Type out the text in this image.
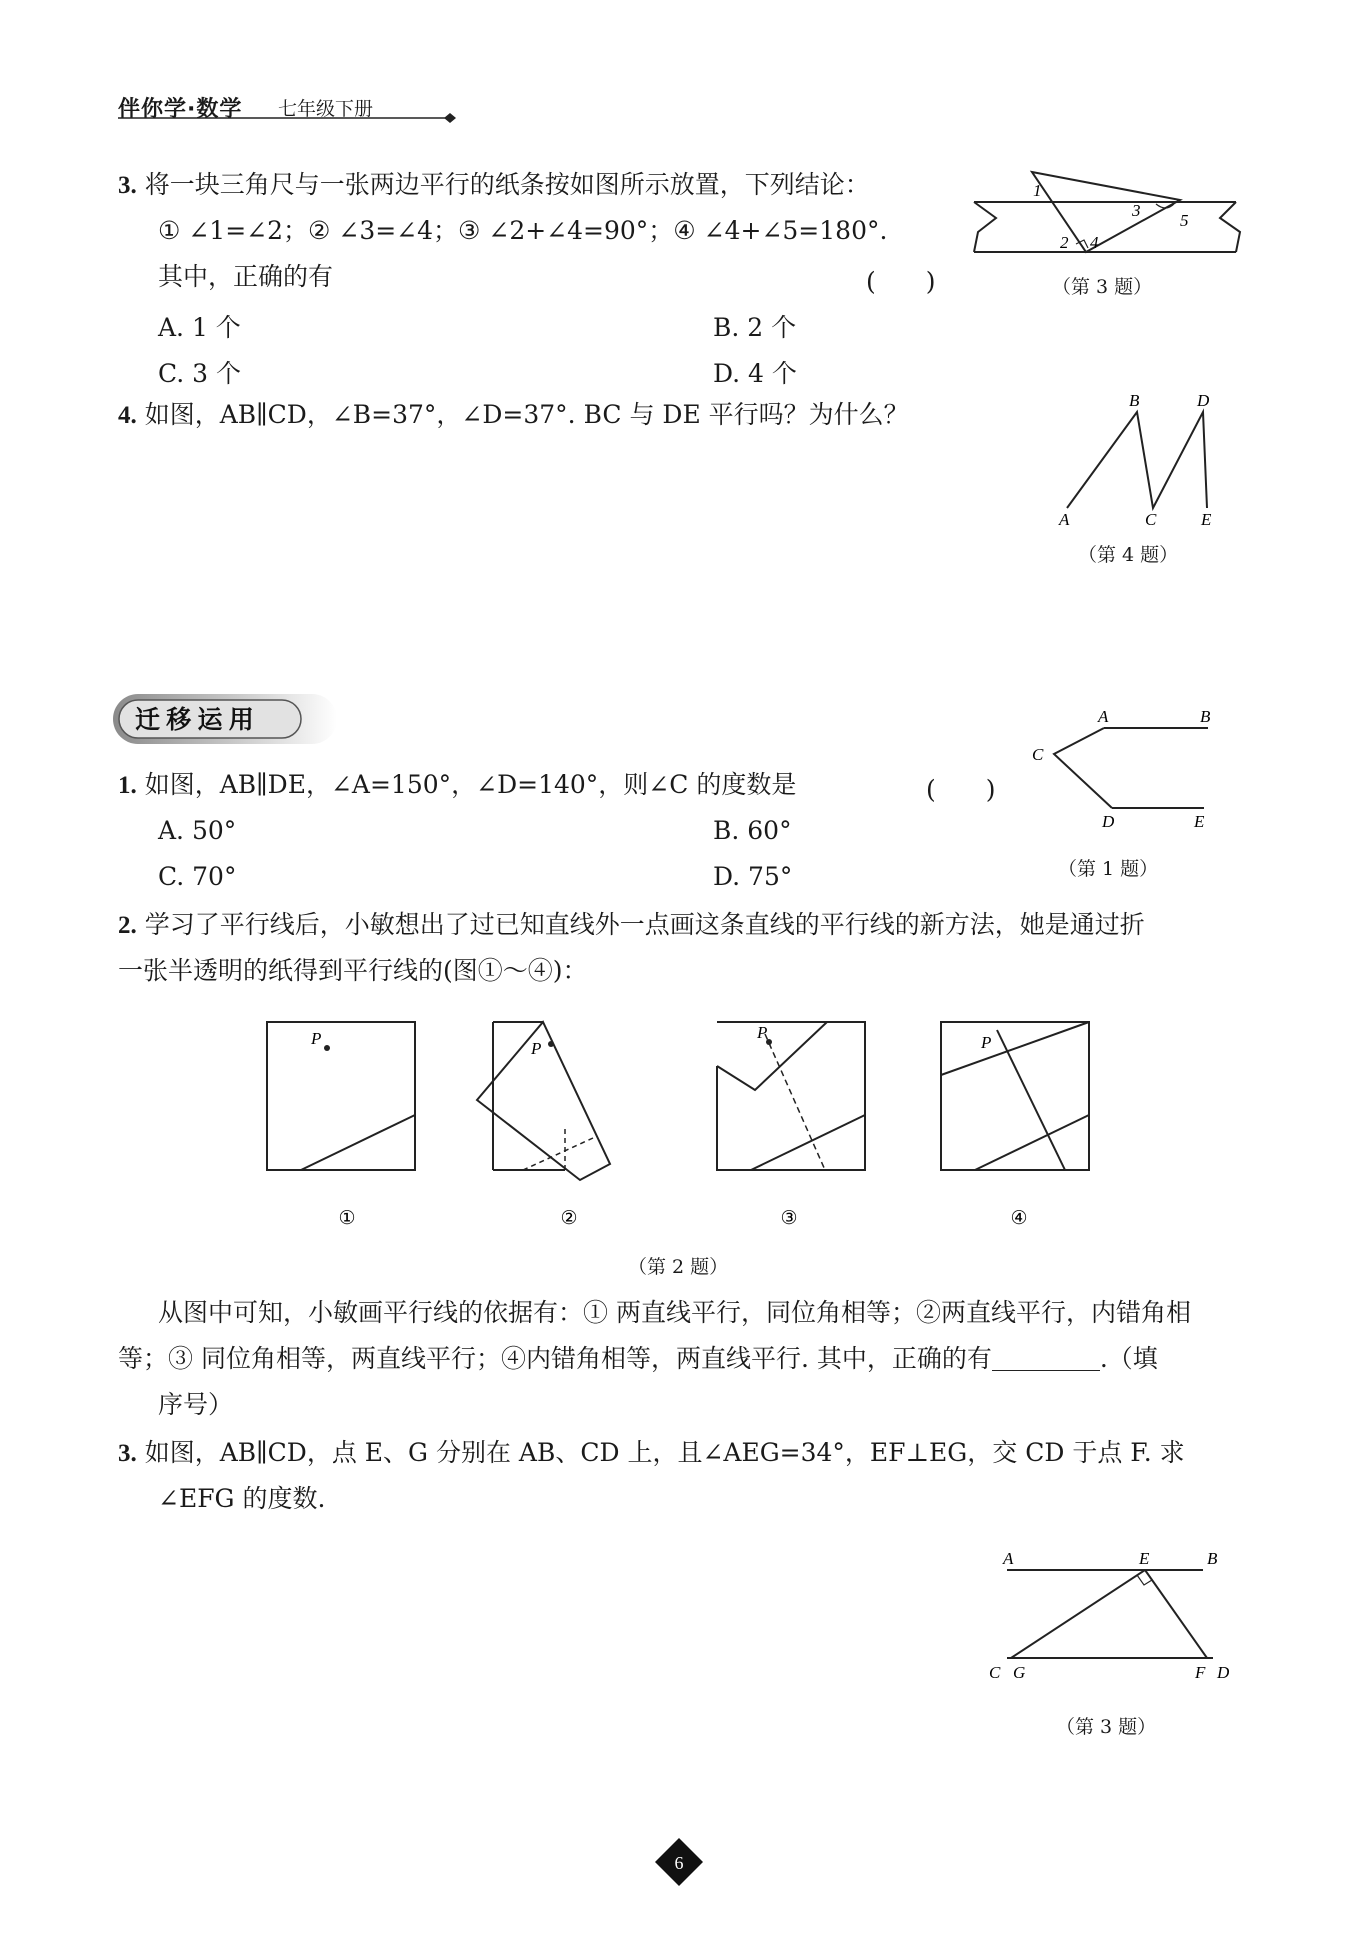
伴你学·数学 七年级下册
3. 将一块三角尺与一张两边平行的纸条按如图所示放置，下列结论：
① ∠1=∠2；② ∠3=∠4；③ ∠2+∠4=90°；④ ∠4+∠5=180°.
其中，正确的有	(　　)
A. 1 个	B. 2 个
C. 3 个	D. 4 个
1
2
3
4
5
（第 3 题）
4. 如图，AB∥CD，∠B=37°，∠D=37°. BC 与 DE 平行吗？为什么？
A
B
C
D
E
（第 4 题）
迁 移 运 用
1. 如图，AB∥DE，∠A=150°，∠D=140°，则∠C 的度数是	(　　)
A. 50°	B. 60°
C. 70°	D. 75°
A	B
C
D	E
（第 1 题）
2. 学习了平行线后，小敏想出了过已知直线外一点画这条直线的平行线的新方法，她是通过折
一张半透明的纸得到平行线的(图①～④)：
P
P
P
P
①	②	③	④
（第 2 题）
从图中可知，小敏画平行线的依据有：① 两直线平行，同位角相等；②两直线平行，内错角相
等；③ 同位角相等，两直线平行；④内错角相等，两直线平行. 其中，正确的有	.（填
序号）
3. 如图，AB∥CD，点 E、G 分别在 AB、CD 上，且∠AEG=34°，EF⊥EG，交 CD 于点 F. 求
∠EFG 的度数.
A	E	B
C G	F D
（第 3 题）
6
